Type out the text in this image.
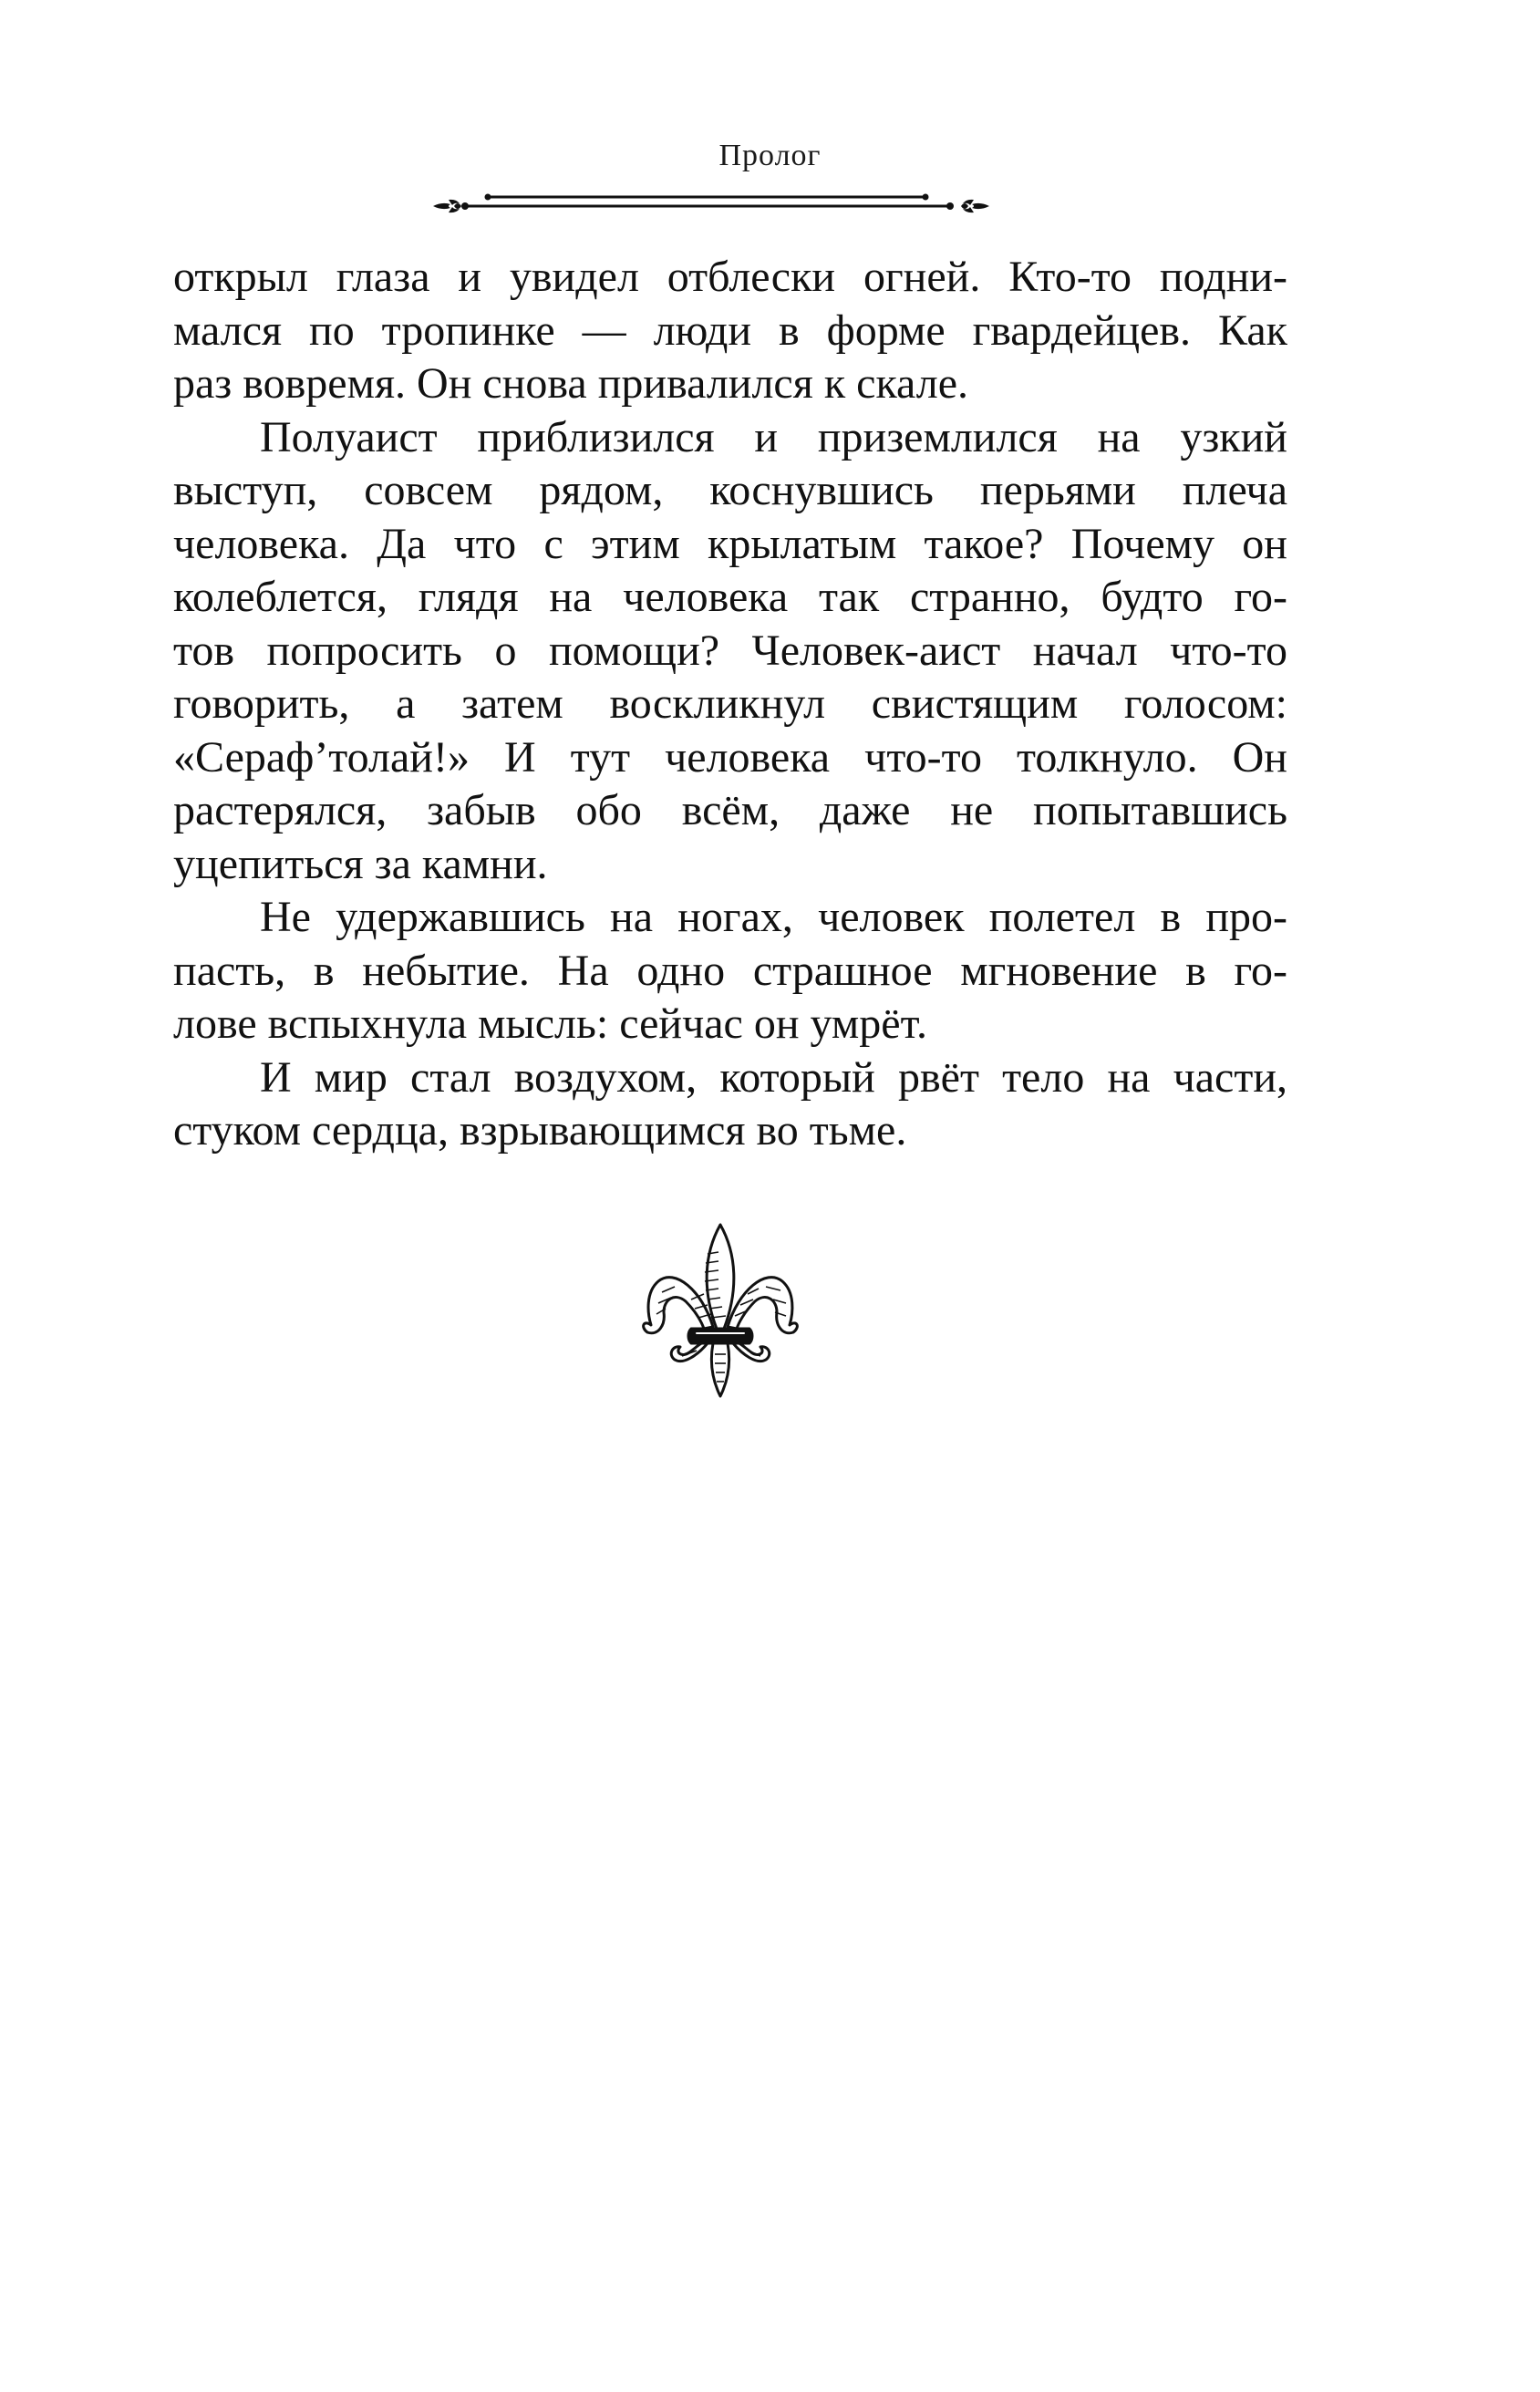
Пролог

открыл глаза и увидел отблески огней. Кто-то подни-
мался по тропинке — люди в форме гвардейцев. Как
раз вовремя. Он снова привалился к скале.

Полуаист приблизился и приземлился на узкий
выступ, совсем рядом, коснувшись перьями плеча
человека. Да что с этим крылатым такое? Почему он
колеблется, глядя на человека так странно, будто го-
тов попросить о помощи? Человек-аист начал что-то
говорить, а затем воскликнул свистящим голосом:
«Сераф’толай!» И тут человека что-то толкнуло. Он
растерялся, забыв обо всём, даже не попытавшись
уцепиться за камни.

Не удержавшись на ногах, человек полетел в про-
пасть, в небытие. На одно страшное мгновение в го-
лове вспыхнула мысль: сейчас он умрёт.

И мир стал воздухом, который рвёт тело на части,
стуком сердца, взрывающимся во тьме.
